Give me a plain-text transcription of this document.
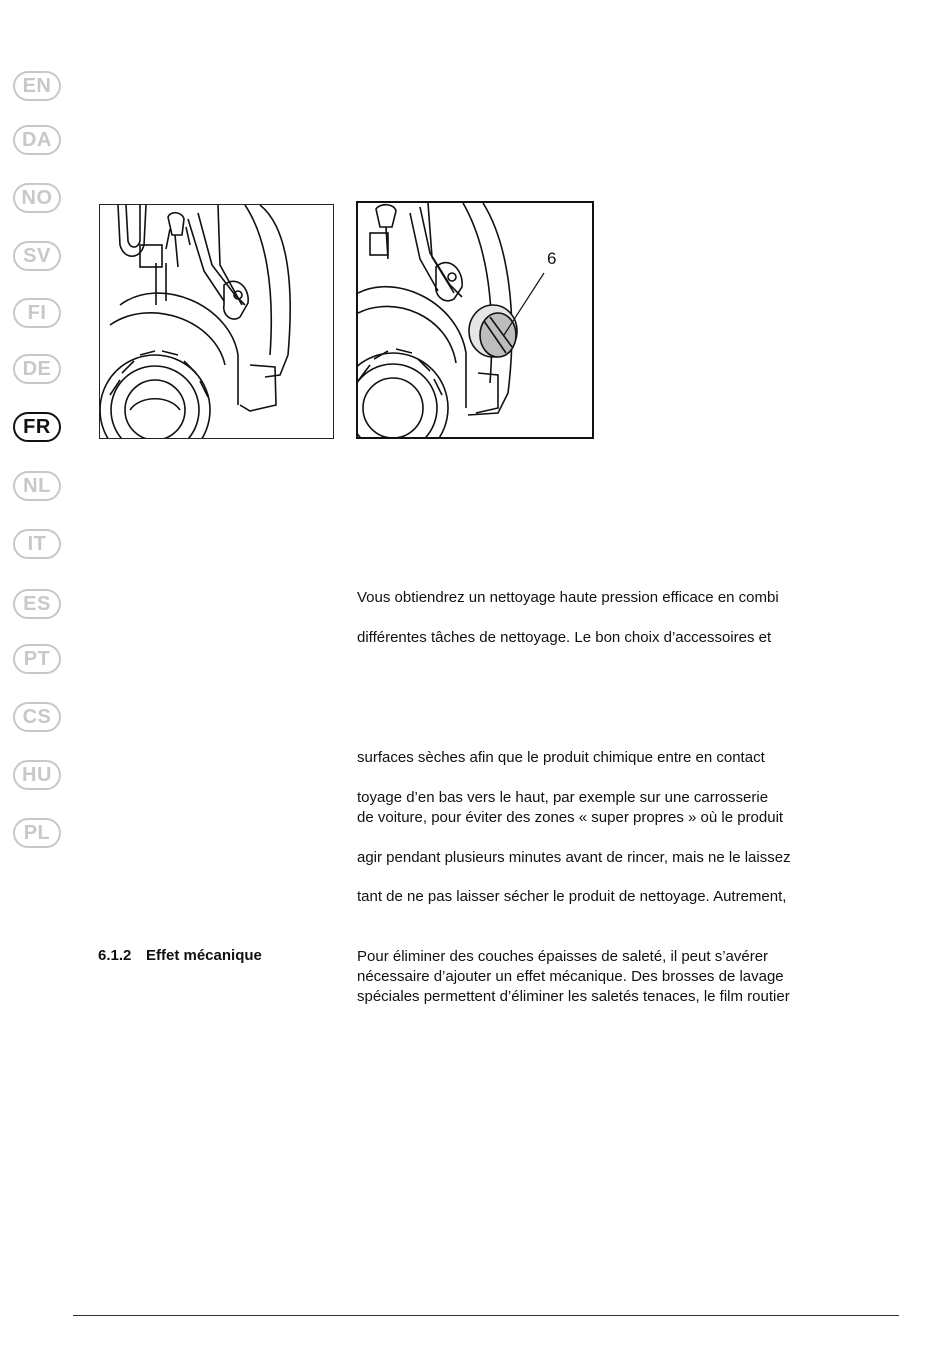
EN
DA
NO
SV
FI
DE
FR
NL
IT
ES
PT
CS
HU
PL
6
Vous obtiendrez un nettoyage haute pression efficace en combi
différentes tâches de nettoyage. Le bon choix d’accessoires et
surfaces sèches afin que le produit chimique entre en contact
toyage d’en bas vers le haut, par exemple sur une carrosserie
de voiture, pour éviter des zones « super propres » où le produit
agir pendant plusieurs minutes avant de rincer, mais ne le laissez
tant de ne pas laisser sécher le produit de nettoyage. Autrement,
6.1.2 Effet mécanique	Pour éliminer des couches épaisses de saleté, il peut s’avérer
nécessaire d’ajouter un effet mécanique. Des brosses de lavage
spéciales permettent d’éliminer les saletés tenaces, le film routier
